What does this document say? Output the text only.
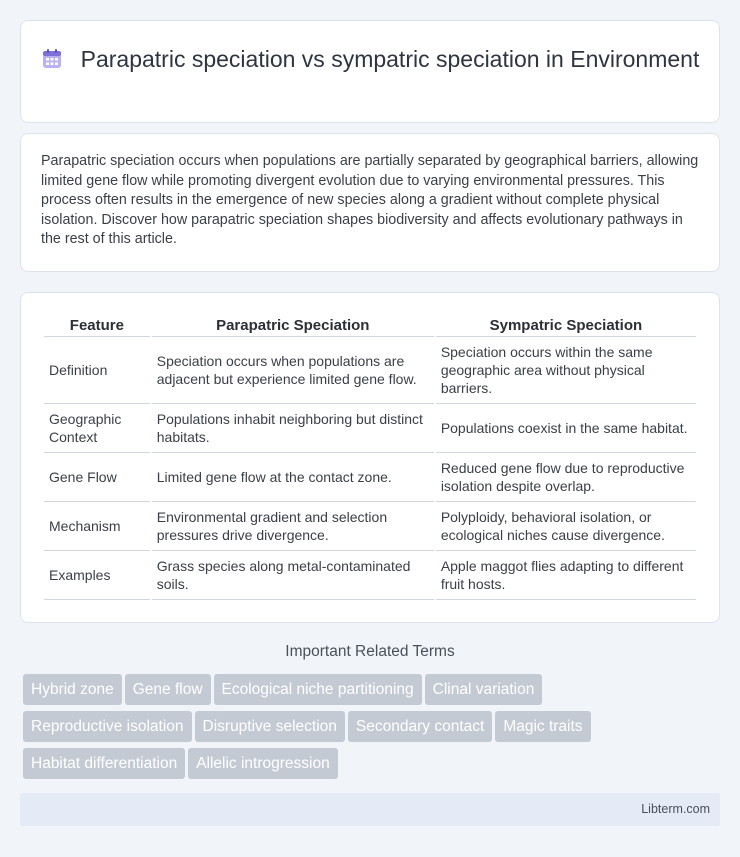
Parapatric speciation vs sympatric speciation in Environment

Parapatric speciation occurs when populations are partially separated by geographical barriers, allowing limited gene flow while promoting divergent evolution due to varying environmental pressures. This process often results in the emergence of new species along a gradient without complete physical isolation. Discover how parapatric speciation shapes biodiversity and affects evolutionary pathways in the rest of this article.

Feature	Parapatric Speciation	Sympatric Speciation
Definition	Speciation occurs when populations are adjacent but experience limited gene flow.	Speciation occurs within the same geographic area without physical barriers.
Geographic Context	Populations inhabit neighboring but distinct habitats.	Populations coexist in the same habitat.
Gene Flow	Limited gene flow at the contact zone.	Reduced gene flow due to reproductive isolation despite overlap.
Mechanism	Environmental gradient and selection pressures drive divergence.	Polyploidy, behavioral isolation, or ecological niches cause divergence.
Examples	Grass species along metal-contaminated soils.	Apple maggot flies adapting to different fruit hosts.
Important Related Terms
Hybrid zone Gene flow Ecological niche partitioning Clinal variation
Reproductive isolation Disruptive selection Secondary contact Magic traits
Habitat differentiation Allelic introgression
Libterm.com
